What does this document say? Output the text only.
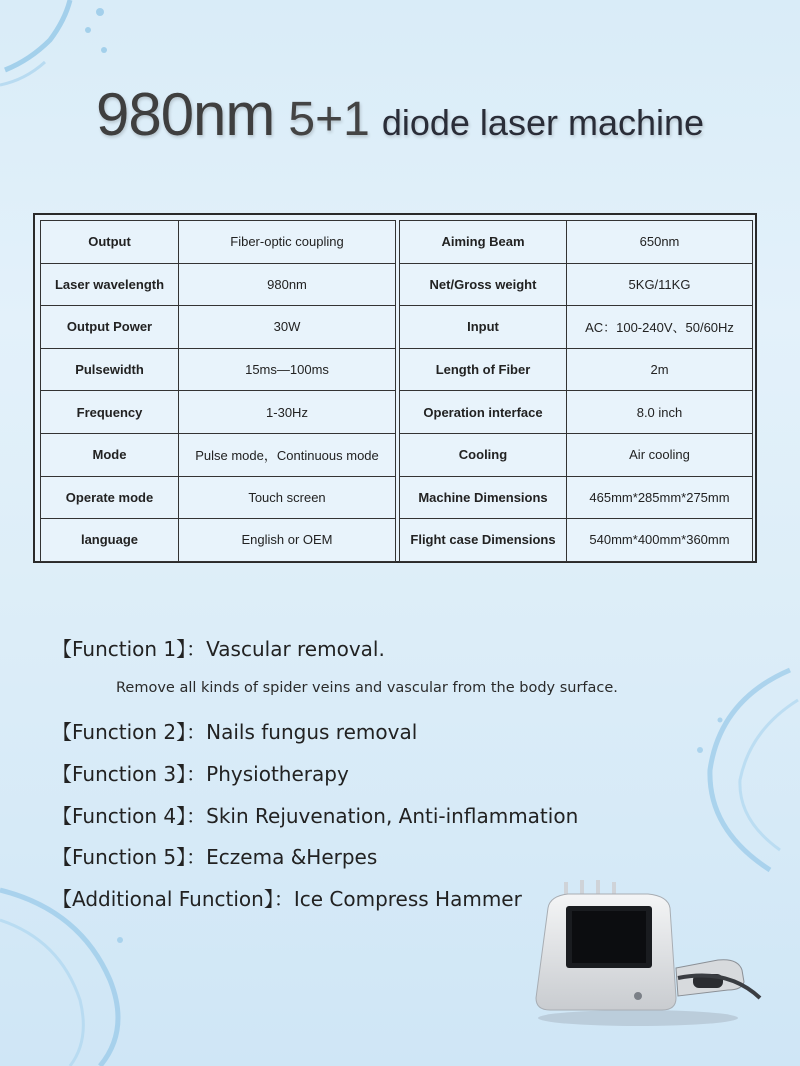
980nm 5+1 diode laser machine
Output	Fiber-optic coupling
Laser wavelength	980nm
Output Power	30W
Pulsewidth	15ms—100ms
Frequency	1-30Hz
Mode	Pulse mode，Continuous mode
Operate mode	Touch screen
language	English or OEM
Aiming Beam	650nm
Net/Gross weight	5KG/11KG
Input	AC：100-240V、50/60Hz
Length of Fiber	2m
Operation interface	8.0 inch
Cooling	Air cooling
Machine Dimensions	465mm*285mm*275mm
Flight case Dimensions	540mm*400mm*360mm
【Function 1】：Vascular removal.
Remove all kinds of spider veins and vascular from the body surface.
【Function 2】：Nails fungus removal
【Function 3】：Physiotherapy
【Function 4】：Skin Rejuvenation, Anti-inflammation
【Function 5】：Eczema &Herpes
【Additional Function】：Ice Compress Hammer
